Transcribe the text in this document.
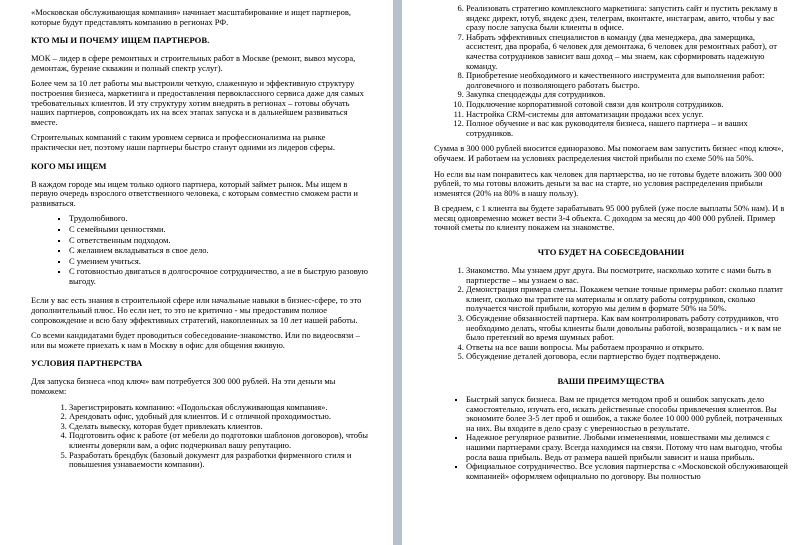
«Московская обслуживающая компания» начинает масштабирование и ищет партнеров, которые будут представлять компанию в регионах РФ.

КТО МЫ И ПОЧЕМУ ИЩЕМ ПАРТНЕРОВ.

МОК – лидер в сфере ремонтных и строительных работ в Москве (ремонт, вывоз мусора, демонтаж, бурение скважин и полный спектр услуг).

Более чем за 10 лет работы мы выстроили четкую, слаженную и эффективную структуру построения бизнеса, маркетинга и предоставления первоклассного сервиса даже для самых требовательных клиентов. И эту структуру хотим внедрять в регионах – готовы обучать наших партнеров, сопровождать их на всех этапах запуска и в дальнейшем развиваться вместе.

Строительных компаний с таким уровнем сервиса и профессионализма на рынке практически нет, поэтому наши партнеры быстро станут одними из лидеров сферы.

КОГО МЫ ИЩЕМ

В каждом городе мы ищем только одного партнера, который займет рынок. Мы ищем в первую очередь взрослого ответственного человека, с которым совместно сможем расти и развиваться.

▪ Трудолюбивого.
▪ С семейными ценностями.
▪ С ответственным подходом.
▪ С желанием вкладываться в свое дело.
▪ С умением учиться.
▪ С готовностью двигаться в долгосрочное сотрудничество, а не в быструю разовую выгоду.

Если у вас есть знания в строительной сфере или начальные навыки в бизнес-сфере, то это дополнительный плюс. Но если нет, то это не критично - мы предоставим полное сопровождение и всю базу эффективных стратегий, накопленных за 10 лет нашей работы.

Со всеми кандидатами будет проводиться собеседование-знакомство. Или по видеосвязи – или вы можете приехать к нам в Москву в офис для общения вживую.

УСЛОВИЯ ПАРТНЕРСТВА

Для запуска бизнеса «под ключ» вам потребуется 300 000 рублей. На эти деньги мы поможем:

1. Зарегистрировать компанию: «Подольская обслуживающая компания».
2. Арендовать офис, удобный для клиентов. И с отличной проходимостью.
3. Сделать вывеску, которая будет привлекать клиентов.
4. Подготовить офис к работе (от мебели до подготовки шаблонов договоров), чтобы клиенты доверяли вам, а офис подчеркивал вашу репутацию.
5. Разработать брендбук (базовый документ для разработки фирменного стиля и повышения узнаваемости компании).
6. Реализовать стратегию комплексного маркетинга: запустить сайт и пустить рекламу в яндекс директ, ютуб, яндекс дзен, телеграм, вконтакте, инстаграм, авито, чтобы у вас сразу после запуска были клиенты в офисе.
7. Набрать эффективных специалистов в команду (два менеджера, два замерщика, ассистент, два прораба, 6 человек для демонтажа, 6 человек для ремонтных работ), от качества сотрудников зависит ваш доход – мы знаем, как сформировать надежную команду.
8. Приобретение необходимого и качественного инструмента для выполнения работ: долговечного и позволяющего работать быстро.
9. Закупка спецодежды для сотрудников.
10. Подключение корпоративной сотовой связи для контроля сотрудников.
11. Настройка CRM-системы для автоматизации продажи всех услуг.
12. Полное обучение и вас как руководителя бизнеса, нашего партнера – и ваших сотрудников.

Сумма в 300 000 рублей вносится единоразово. Мы помогаем вам запустить бизнес «под ключ», обучаем. И работаем на условиях распределения чистой прибыли по схеме 50% на 50%.

Но если вы нам понравитесь как человек для партнерства, но не готовы будете вложить 300 000 рублей, то мы готовы вложить деньги за вас на старте, но условия распределения прибыли изменятся (20% на 80% в нашу пользу).

В среднем, с 1 клиента вы будете зарабатывать 95 000 рублей (уже после выплаты 50% нам). И в месяц одновременно может вести 3-4 объекта. С доходом за месяц до 400 000 рублей. Пример точной сметы по клиенту покажем на знакомстве.

ЧТО БУДЕТ НА СОБЕСЕДОВАНИИ
1. Знакомство. Мы узнаем друг друга. Вы посмотрите, насколько хотите с нами быть в партнерстве – мы узнаем о вас.
2. Демонстрация примера сметы. Покажем четкие точные примеры работ: сколько платит клиент, сколько вы тратите на материалы и оплату работы сотрудников, сколько получается чистой прибыли, которую мы делим в формате 50% на 50%.
3. Обсуждение обязанностей партнера. Как вам контролировать работу сотрудников, что необходимо делать, чтобы клиенты были довольны работой, возвращались - и к вам не было претензий во время шумных работ.
4. Ответы на все ваши вопросы. Мы работаем прозрачно и открыто.
5. Обсуждение деталей договора, если партнерство будет подтверждено.
ВАШИ ПРЕИМУЩЕСТВА
▪ Быстрый запуск бизнеса. Вам не придется методом проб и ошибок запускать дело самостоятельно, изучать его, искать действенные способы привлечения клиентов. Вы экономите более 3-5 лет проб и ошибок, а также более 10 000 000 рублей, потраченных на них. Вы входите в дело сразу с уверенностью в результате.
▪ Надежное регулярное развитие. Любыми изменениями, новшествами мы делимся с нашими партнерами сразу. Всегда находимся на связи. Потому что нам выгодно, чтобы росла ваша прибыль. Ведь от размера вашей прибыли зависит и наша прибыль.
▪ Официальное сотрудничество. Все условия партнерства с «Московской обслуживающей компанией» оформляем официально по договору. Вы полностью
